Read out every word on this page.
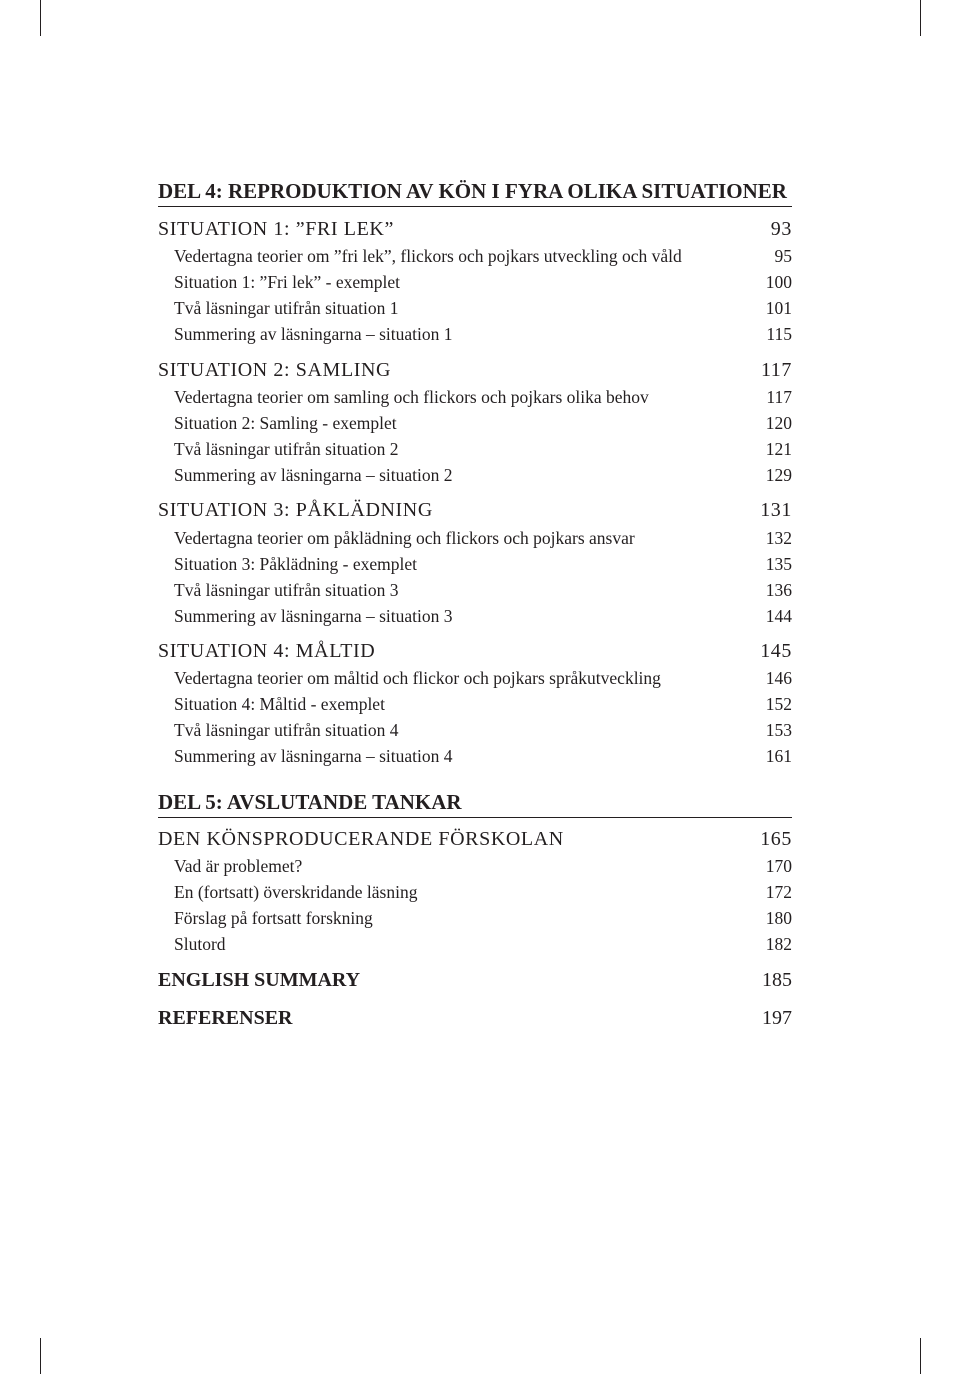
DEL 4: REPRODUKTION AV KÖN I FYRA OLIKA SITUATIONER
SITUATION 1: ”FRI LEK”	93
Vedertagna teorier om ”fri lek”, flickors och pojkars utveckling och våld	95
Situation 1: ”Fri lek” - exemplet	100
Två läsningar utifrån situation 1	101
Summering av läsningarna – situation 1	115
SITUATION 2: SAMLING	117
Vedertagna teorier om samling och flickors och pojkars olika behov	117
Situation 2: Samling - exemplet	120
Två läsningar utifrån situation 2	121
Summering av läsningarna – situation 2	129
SITUATION 3: PÅKLÄDNING	131
Vedertagna teorier om påklädning och flickors och pojkars ansvar	132
Situation 3: Påklädning - exemplet	135
Två läsningar utifrån situation 3	136
Summering av läsningarna – situation 3	144
SITUATION 4: MÅLTID	145
Vedertagna teorier om måltid och flickor och pojkars språkutveckling	146
Situation 4: Måltid - exemplet	152
Två läsningar utifrån situation 4	153
Summering av läsningarna – situation 4	161
DEL 5: AVSLUTANDE TANKAR
DEN KÖNSPRODUCERANDE FÖRSKOLAN	165
Vad är problemet?	170
En (fortsatt) överskridande läsning	172
Förslag på fortsatt forskning	180
Slutord	182
ENGLISH SUMMARY	185
REFERENSER	197
